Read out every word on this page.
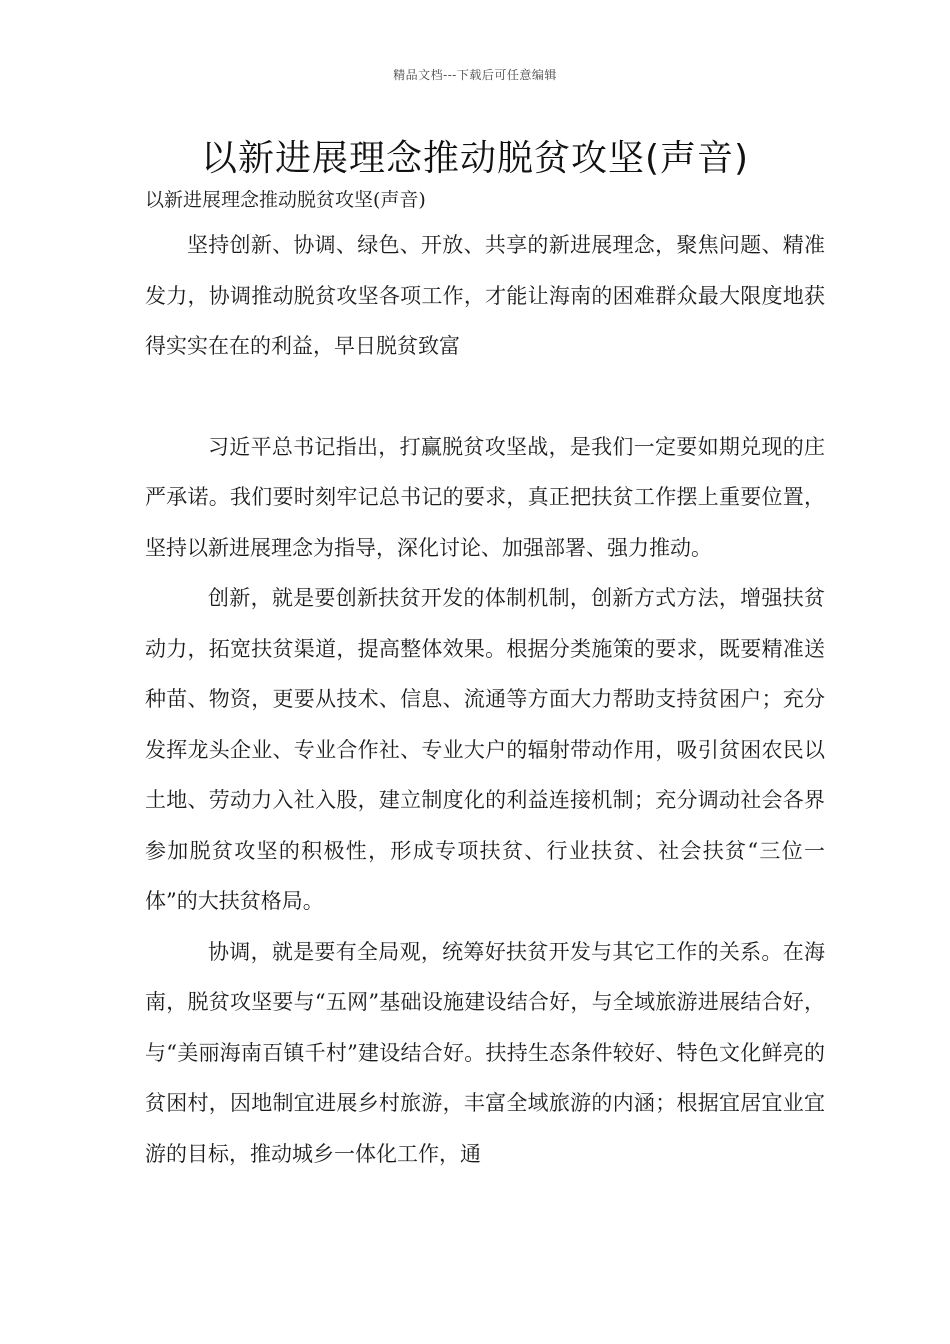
精品文档---下载后可任意编辑
以新进展理念推动脱贫攻坚(声音)

以新进展理念推动脱贫攻坚(声音)

坚持创新、协调、绿色、开放、共享的新进展理念，聚焦问题、精准发力，协调推动脱贫攻坚各项工作，才能让海南的困难群众最大限度地获得实实在在的利益，早日脱贫致富

习近平总书记指出，打赢脱贫攻坚战，是我们一定要如期兑现的庄严承诺。我们要时刻牢记总书记的要求，真正把扶贫工作摆上重要位置，坚持以新进展理念为指导，深化讨论、加强部署、强力推动。

创新，就是要创新扶贫开发的体制机制，创新方式方法，增强扶贫动力，拓宽扶贫渠道，提高整体效果。根据分类施策的要求，既要精准送种苗、物资，更要从技术、信息、流通等方面大力帮助支持贫困户；充分发挥龙头企业、专业合作社、专业大户的辐射带动作用，吸引贫困农民以土地、劳动力入社入股，建立制度化的利益连接机制；充分调动社会各界参加脱贫攻坚的积极性，形成专项扶贫、行业扶贫、社会扶贫“三位一体”的大扶贫格局。

协调，就是要有全局观，统筹好扶贫开发与其它工作的关系。在海南，脱贫攻坚要与“五网”基础设施建设结合好，与全域旅游进展结合好，与“美丽海南百镇千村”建设结合好。扶持生态条件较好、特色文化鲜亮的贫困村，因地制宜进展乡村旅游，丰富全域旅游的内涵；根据宜居宜业宜游的目标，推动城乡一体化工作，通
